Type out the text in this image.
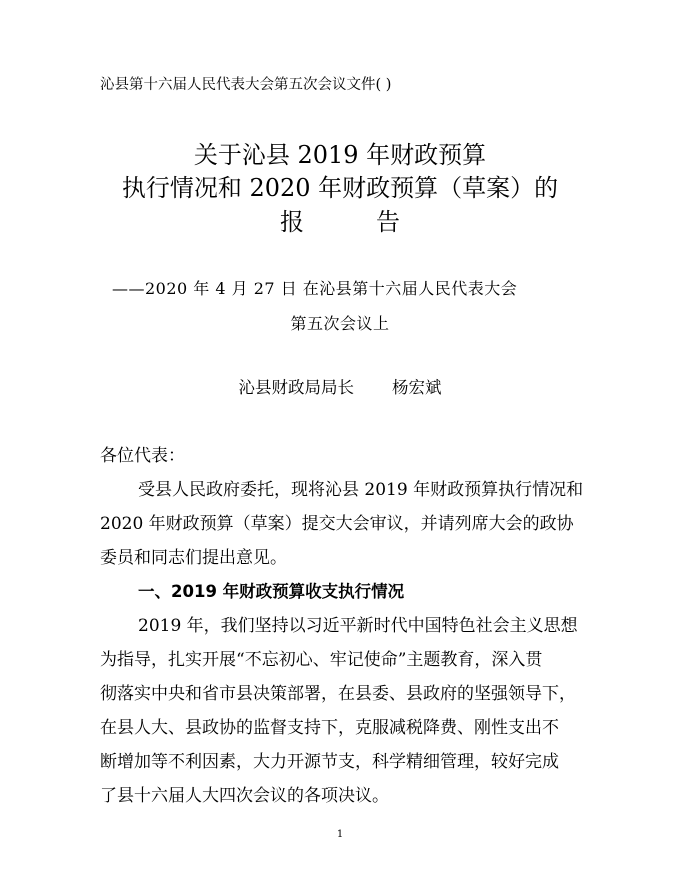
沁县第十六届人民代表大会第五次会议文件( )
关于沁县 2019 年财政预算
执行情况和 2020 年财政预算（草案）的
报	告
——2020 年 4 月 27 日 在沁县第十六届人民代表大会
第五次会议上
沁县财政局局长 杨宏斌
各位代表：
受县人民政府委托，现将沁县 2019 年财政预算执行情况和
2020 年财政预算（草案）提交大会审议，并请列席大会的政协
委员和同志们提出意见。
一、2019 年财政预算收支执行情况
2019 年，我们坚持以习近平新时代中国特色社会主义思想
为指导，扎实开展“不忘初心、牢记使命”主题教育，深入贯
彻落实中央和省市县决策部署，在县委、县政府的坚强领导下，
在县人大、县政协的监督支持下，克服减税降费、刚性支出不
断增加等不利因素，大力开源节支，科学精细管理，较好完成
了县十六届人大四次会议的各项决议。
1
